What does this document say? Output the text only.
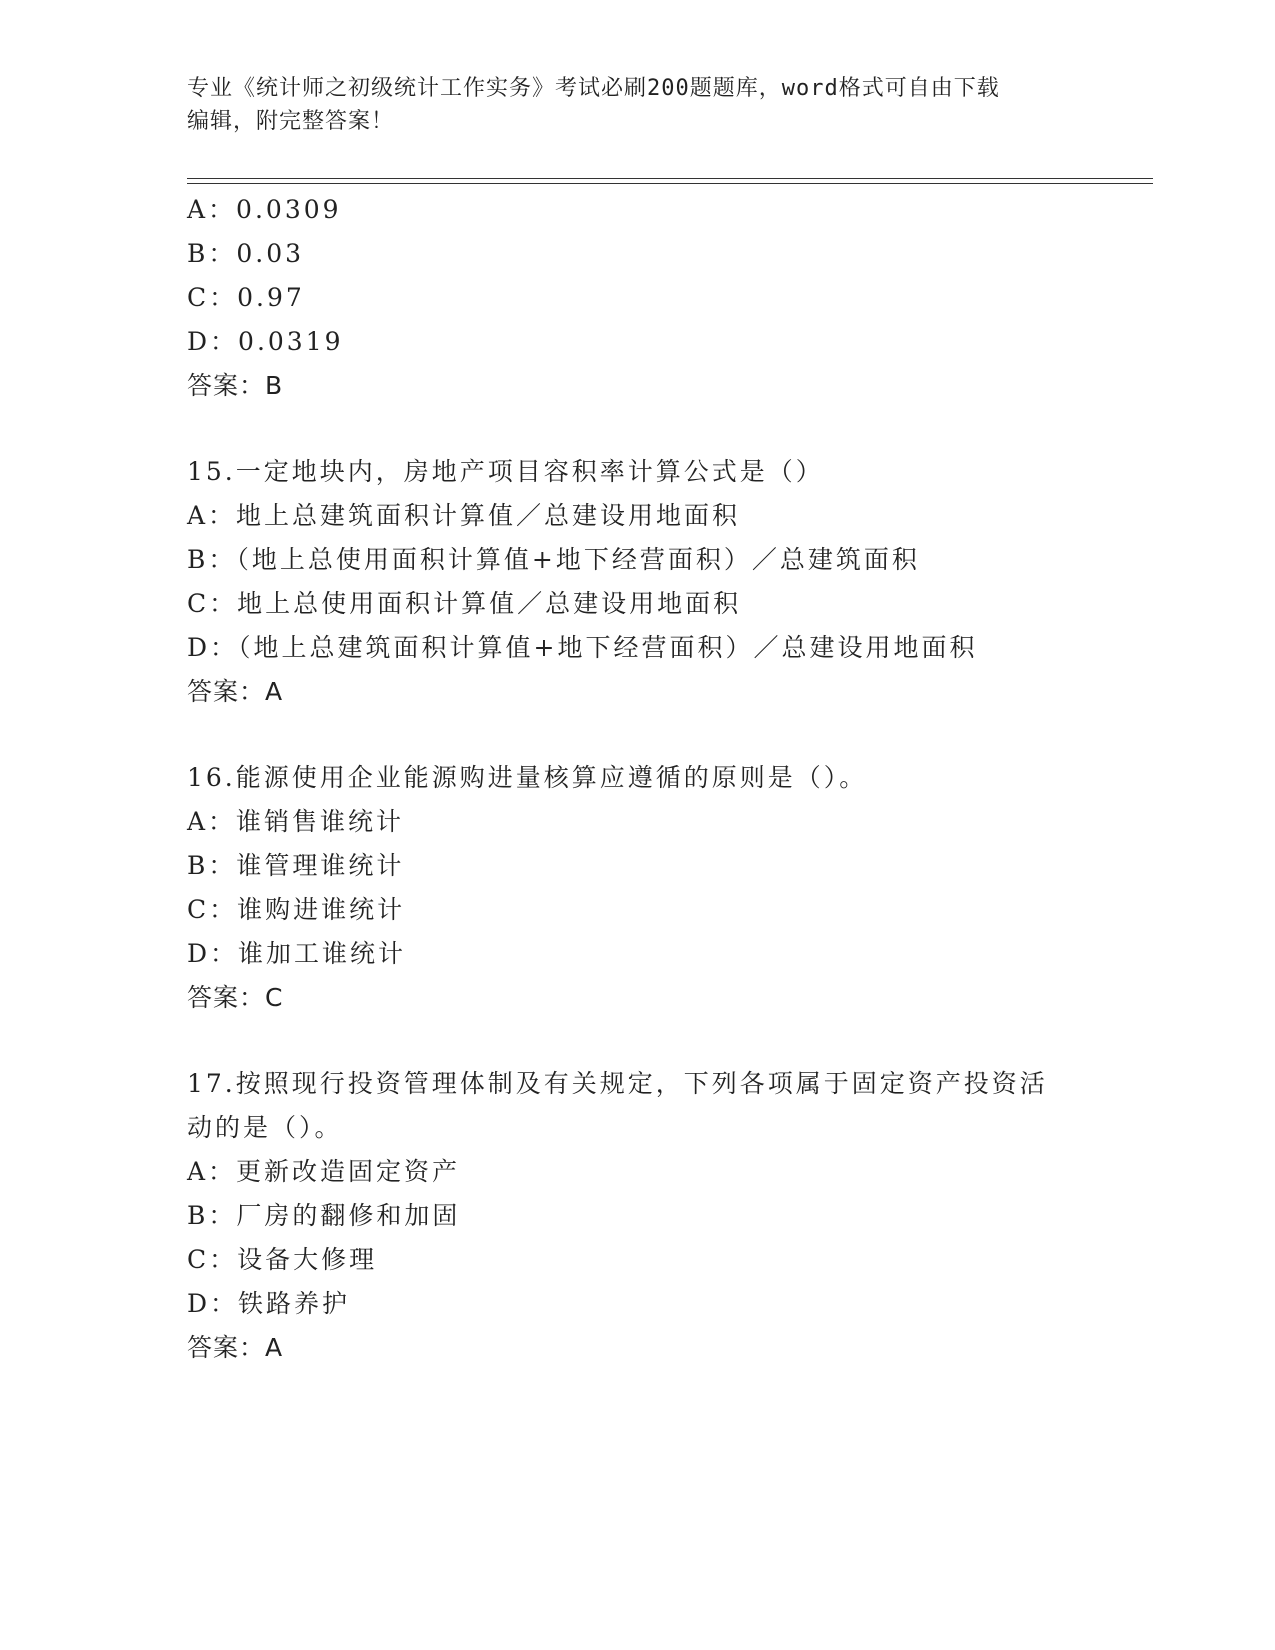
专业《统计师之初级统计工作实务》考试必刷200题题库，word格式可自由下载
编辑，附完整答案！
A：0.0309
B：0.03
C：0.97
D：0.0319
答案：B
15.一定地块内，房地产项目容积率计算公式是（）
A：地上总建筑面积计算值／总建设用地面积
B：（地上总使用面积计算值+地下经营面积）／总建筑面积
C：地上总使用面积计算值／总建设用地面积
D：（地上总建筑面积计算值+地下经营面积）／总建设用地面积
答案：A
16.能源使用企业能源购进量核算应遵循的原则是（）。
A：谁销售谁统计
B：谁管理谁统计
C：谁购进谁统计
D：谁加工谁统计
答案：C
17.按照现行投资管理体制及有关规定，下列各项属于固定资产投资活
动的是（）。
A：更新改造固定资产
B：厂房的翻修和加固
C：设备大修理
D：铁路养护
答案：A
